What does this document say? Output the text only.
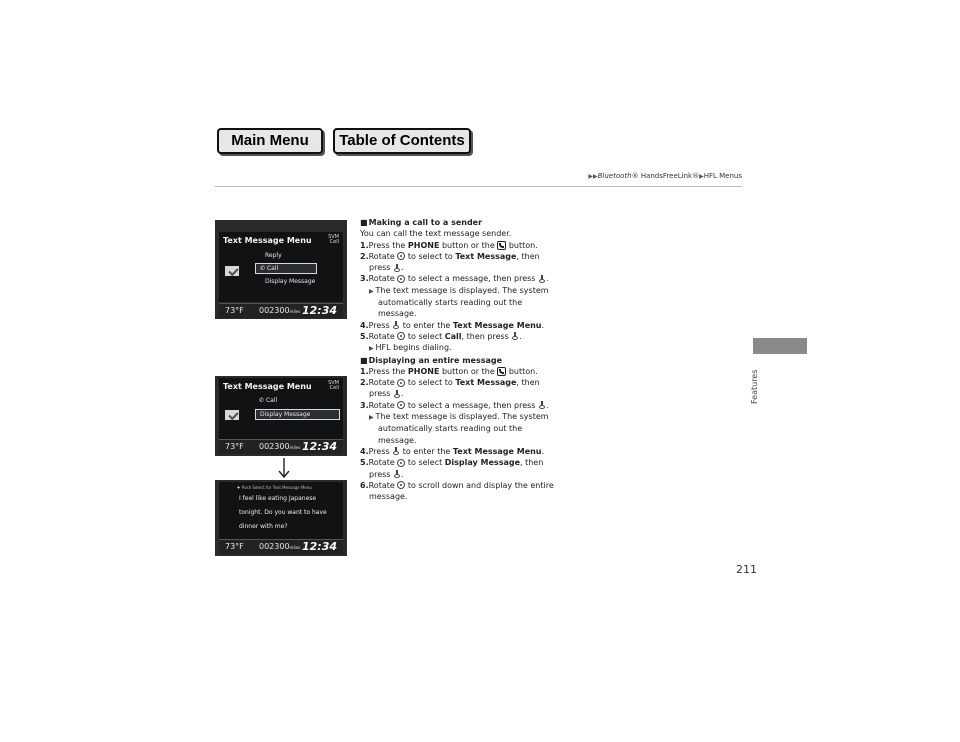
Main Menu	Table of Contents
▶▶Bluetooth® HandsFreeLink®▶HFL Menus
Features
211
Text Message Menu	SVM
Cell
Reply
✆ Call
Display Message
73°F 002300miles 12:34
Text Message Menu	SVM
Cell
✆ Call
Display Message
73°F 002300miles 12:34
✚ Push Select for Text Message Menu
I feel like eating Japanese
tonight. Do you want to have
dinner with me?
73°F 002300miles 12:34

■ Making a call to a sender

You can call the text message sender.

1.Press the PHONE button or the  button.

2.Rotate  to select to Text Message, then press .

3.Rotate  to select a message, then press .

▶ The text message is displayed. The system automatically starts reading out the message.

4.Press  to enter the Text Message Menu.

5.Rotate  to select Call, then press .

▶ HFL begins dialing.

■ Displaying an entire message

1.Press the PHONE button or the  button.

2.Rotate  to select to Text Message, then press .

3.Rotate  to select a message, then press .

▶ The text message is displayed. The system automatically starts reading out the message.

4.Press  to enter the Text Message Menu.

5.Rotate  to select Display Message, then press .

6.Rotate  to scroll down and display the entire message.
